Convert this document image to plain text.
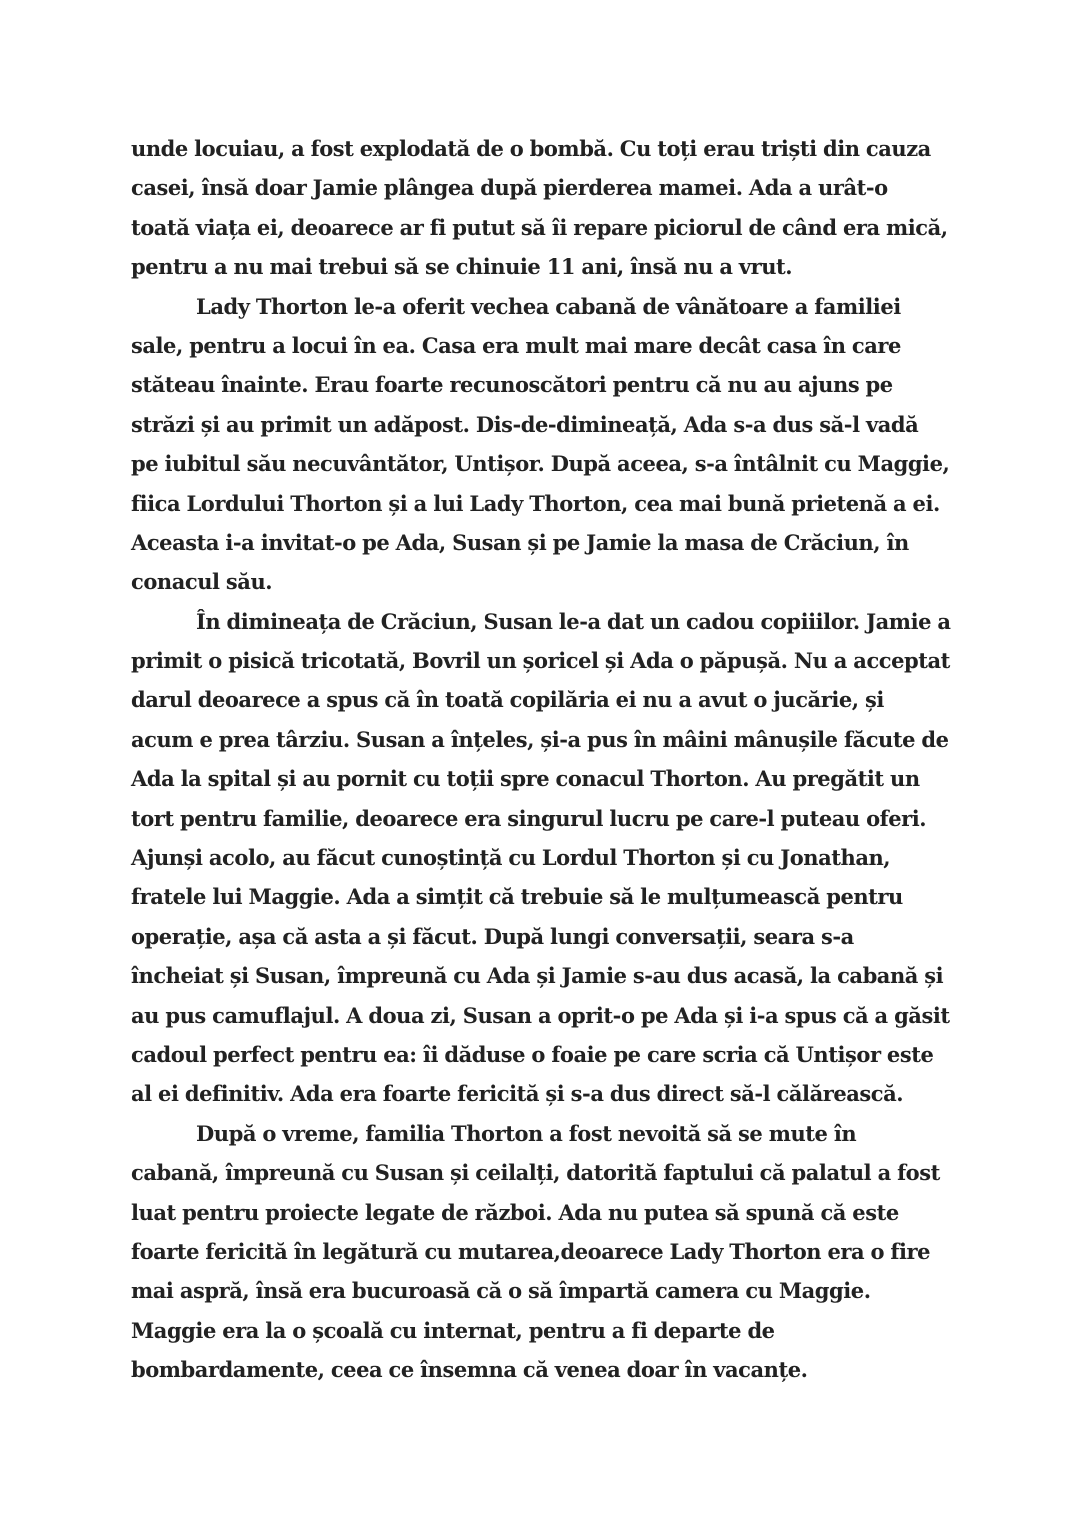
unde locuiau, a fost explodată de o bombă. Cu toți erau triști din cauza
casei, însă doar Jamie plângea după pierderea mamei. Ada a urât-o
toată viața ei, deoarece ar fi putut să îi repare piciorul de când era mică,
pentru a nu mai trebui să se chinuie 11 ani, însă nu a vrut.
Lady Thorton le-a oferit vechea cabană de vânătoare a familiei
sale, pentru a locui în ea. Casa era mult mai mare decât casa în care
stăteau înainte. Erau foarte recunoscători pentru că nu au ajuns pe
străzi și au primit un adăpost. Dis-de-dimineață, Ada s-a dus să-l vadă
pe iubitul său necuvântător, Untișor. După aceea, s-a întâlnit cu Maggie,
fiica Lordului Thorton și a lui Lady Thorton, cea mai bună prietenă a ei.
Aceasta i-a invitat-o pe Ada, Susan și pe Jamie la masa de Crăciun, în
conacul său.
În dimineața de Crăciun, Susan le-a dat un cadou copiiilor. Jamie a
primit o pisică tricotată, Bovril un șoricel și Ada o păpușă. Nu a acceptat
darul deoarece a spus că în toată copilăria ei nu a avut o jucărie, și
acum e prea târziu. Susan a înțeles, și-a pus în mâini mânușile făcute de
Ada la spital și au pornit cu toții spre conacul Thorton. Au pregătit un
tort pentru familie, deoarece era singurul lucru pe care-l puteau oferi.
Ajunși acolo, au făcut cunoștință cu Lordul Thorton și cu Jonathan,
fratele lui Maggie. Ada a simțit că trebuie să le mulțumească pentru
operație, așa că asta a și făcut. După lungi conversații, seara s-a
încheiat și Susan, împreună cu Ada și Jamie s-au dus acasă, la cabană și
au pus camuflajul. A doua zi, Susan a oprit-o pe Ada și i-a spus că a găsit
cadoul perfect pentru ea: îi dăduse o foaie pe care scria că Untișor este
al ei definitiv. Ada era foarte fericită și s-a dus direct să-l călărească.
După o vreme, familia Thorton a fost nevoită să se mute în
cabană, împreună cu Susan și ceilalți, datorită faptului că palatul a fost
luat pentru proiecte legate de război. Ada nu putea să spună că este
foarte fericită în legătură cu mutarea,deoarece Lady Thorton era o fire
mai aspră, însă era bucuroasă că o să împartă camera cu Maggie.
Maggie era la o școală cu internat, pentru a fi departe de
bombardamente, ceea ce însemna că venea doar în vacanțe.
